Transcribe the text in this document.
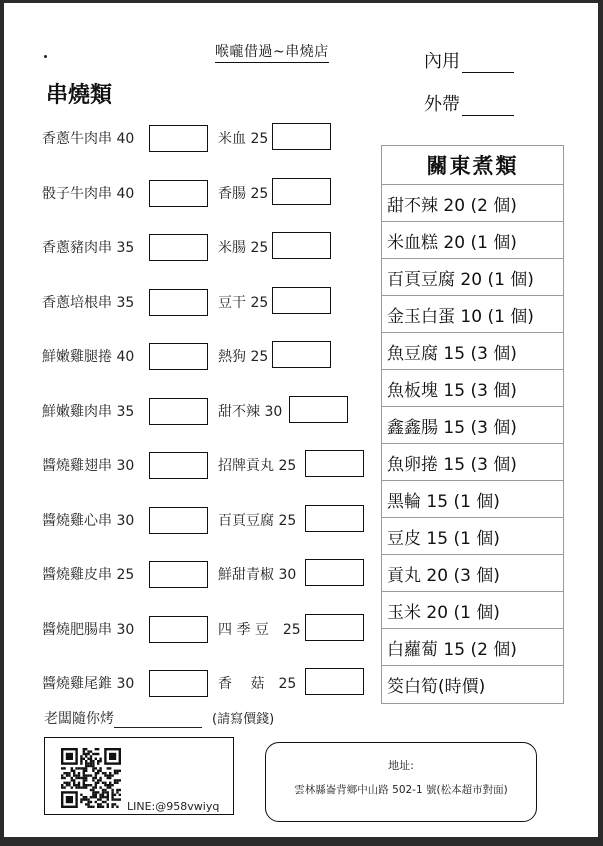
喉嚨借過~串燒店	內用
外帶
串燒類
關東煮類
甜不辣 20 (2 個)
米血糕 20 (1 個)
百頁豆腐 20 (1 個)
金玉白蛋 10 (1 個)
魚豆腐 15 (3 個)
魚板塊 15 (3 個)
鑫鑫腸 15 (3 個)
魚卵捲 15 (3 個)
黑輪 15 (1 個)
豆皮 15 (1 個)
貢丸 20 (3 個)
玉米 20 (1 個)
白蘿蔔 15 (2 個)
筊白筍(時價)
老闆隨你烤	(請寫價錢)
LINE:@958vwiyq
地址:
雲林縣崙背鄉中山路 502-1 號(松本超市對面)
香蔥牛肉串 40
骰子牛肉串 40
香蔥豬肉串 35
香蔥培根串 35
鮮嫩雞腿捲 40
鮮嫩雞肉串 35
醬燒雞翅串 30
醬燒雞心串 30
醬燒雞皮串 25
醬燒肥腸串 30
醬燒雞尾錐 30
米血 25
香腸 25
米腸 25
豆干 25
熱狗 25
甜不辣 30
招牌貢丸 25
百頁豆腐 25
鮮甜青椒 30
四 季 豆　25
香　 菇　25
